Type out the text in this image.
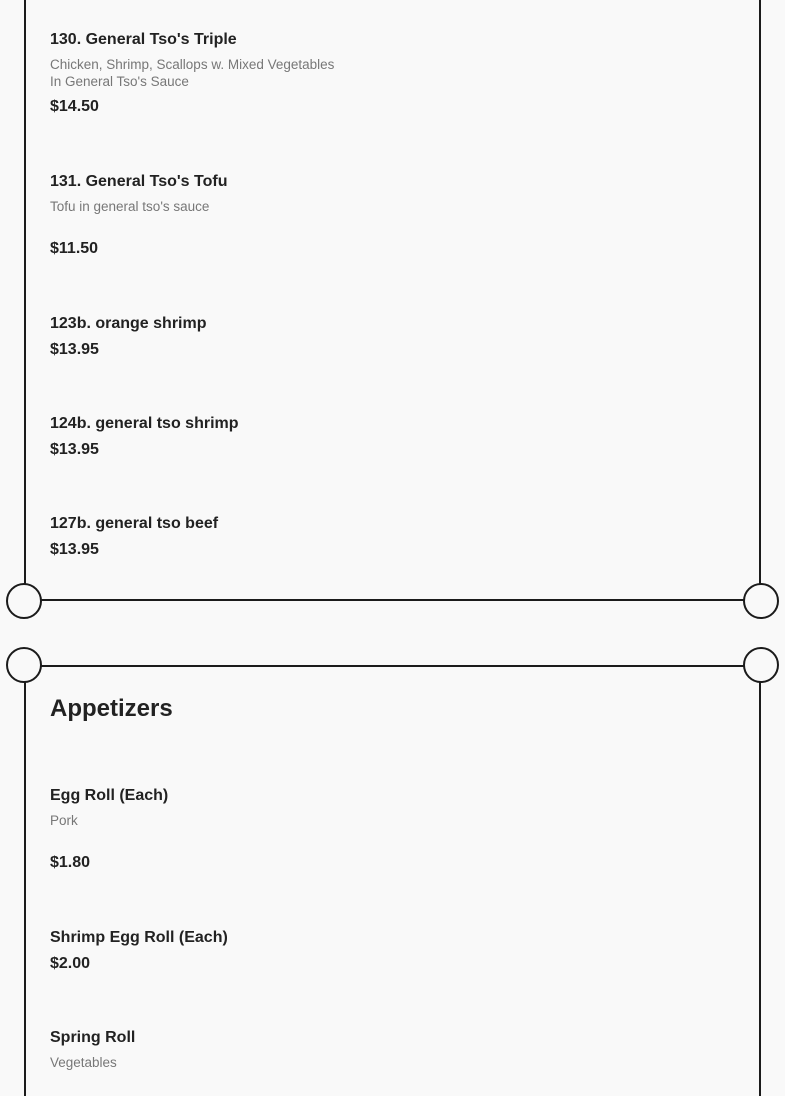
130. General Tso's Triple
Chicken, Shrimp, Scallops w. Mixed Vegetables
In General Tso's Sauce
$14.50
131. General Tso's Tofu
Tofu in general tso's sauce
$11.50
123b. orange shrimp
$13.95
124b. general tso shrimp
$13.95
127b. general tso beef
$13.95
Egg Roll (Each)
Pork
$1.80
Shrimp Egg Roll (Each)
$2.00
Spring Roll
Vegetables
Appetizers
